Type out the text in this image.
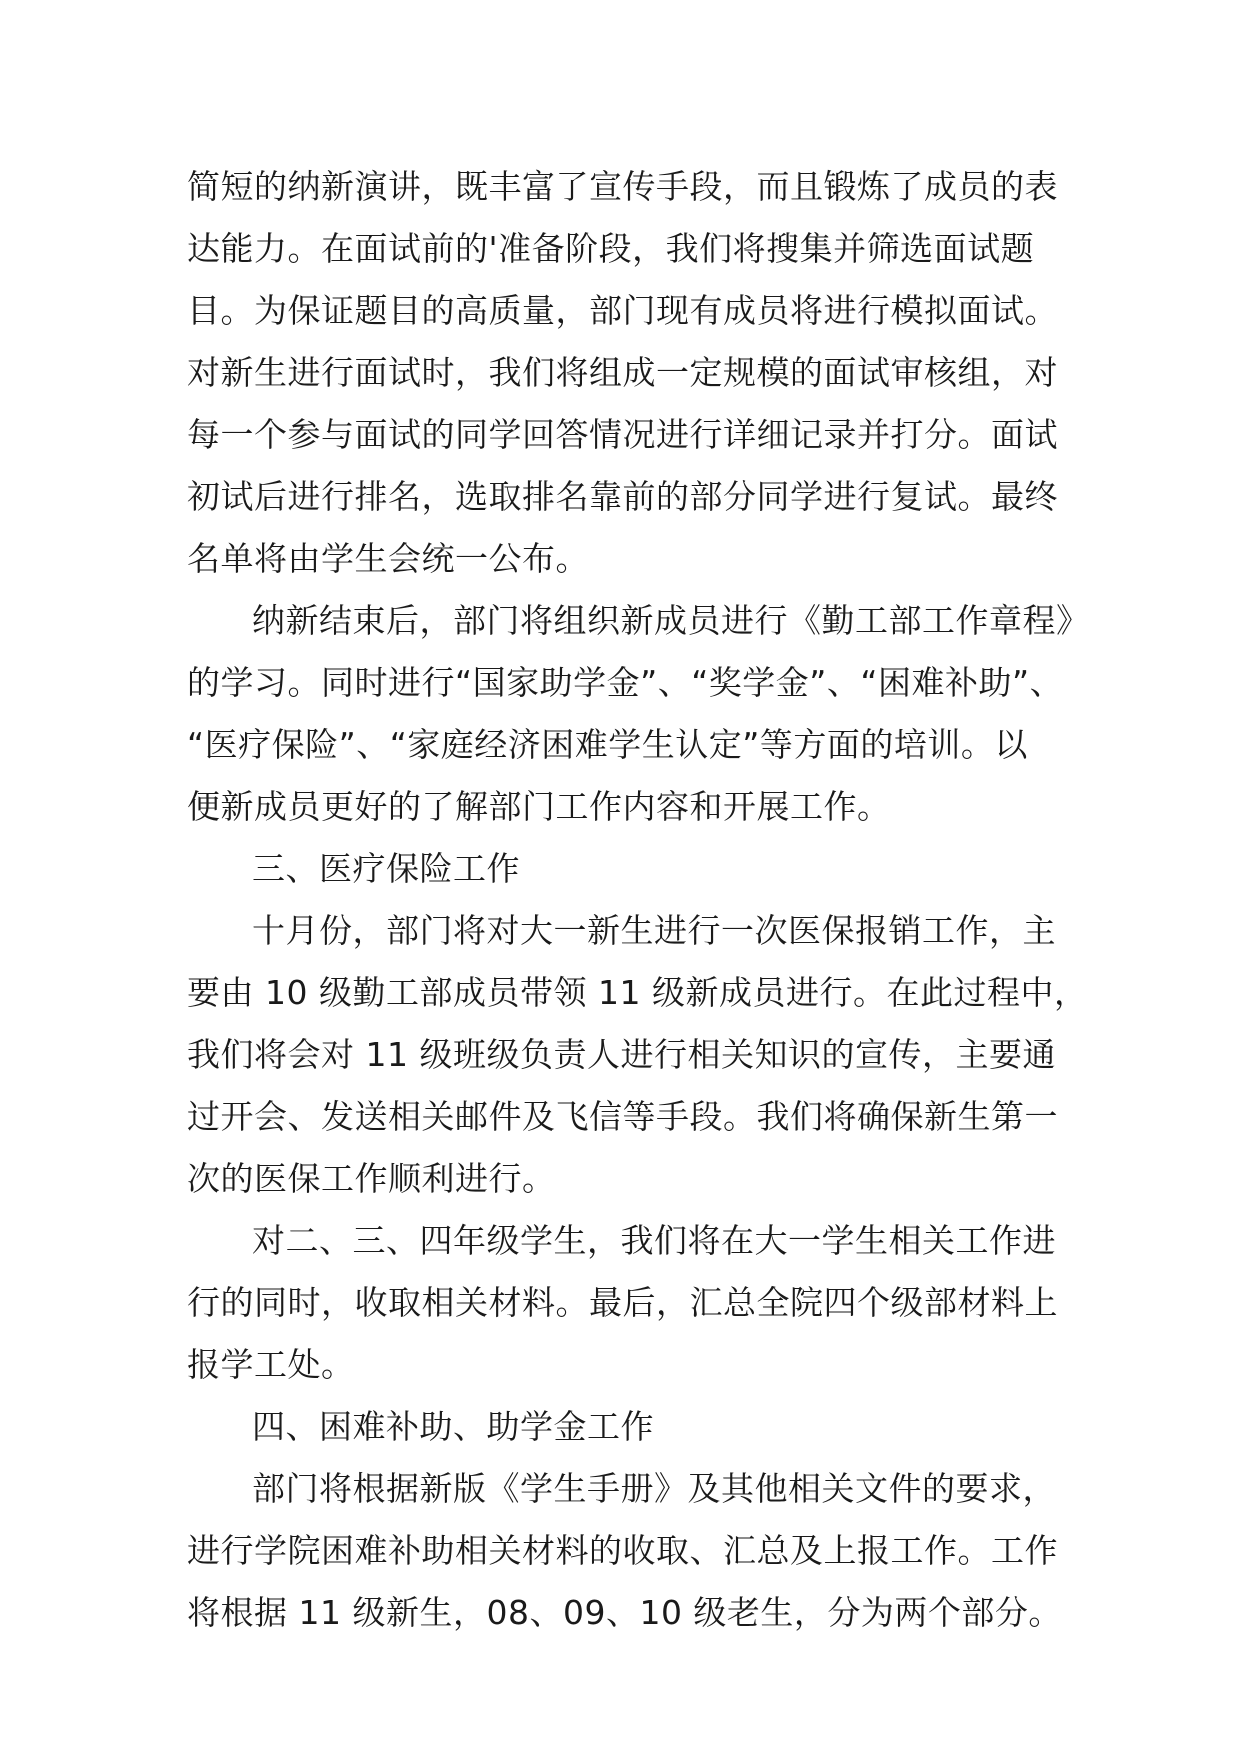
简短的纳新演讲，既丰富了宣传手段，而且锻炼了成员的表
达能力。在面试前的'准备阶段，我们将搜集并筛选面试题
目。为保证题目的高质量，部门现有成员将进行模拟面试。
对新生进行面试时，我们将组成一定规模的面试审核组，对
每一个参与面试的同学回答情况进行详细记录并打分。面试
初试后进行排名，选取排名靠前的部分同学进行复试。最终
名单将由学生会统一公布。
纳新结束后，部门将组织新成员进行《勤工部工作章程》
的学习。同时进行“国家助学金”、“奖学金”、“困难补助”、
“医疗保险”、“家庭经济困难学生认定”等方面的培训。以
便新成员更好的了解部门工作内容和开展工作。
三、医疗保险工作
十月份，部门将对大一新生进行一次医保报销工作，主
要由 10 级勤工部成员带领 11 级新成员进行。在此过程中，
我们将会对 11 级班级负责人进行相关知识的宣传，主要通
过开会、发送相关邮件及飞信等手段。我们将确保新生第一
次的医保工作顺利进行。
对二、三、四年级学生，我们将在大一学生相关工作进
行的同时，收取相关材料。最后，汇总全院四个级部材料上
报学工处。
四、困难补助、助学金工作
部门将根据新版《学生手册》及其他相关文件的要求，
进行学院困难补助相关材料的收取、汇总及上报工作。工作
将根据 11 级新生，08、09、10 级老生，分为两个部分。
